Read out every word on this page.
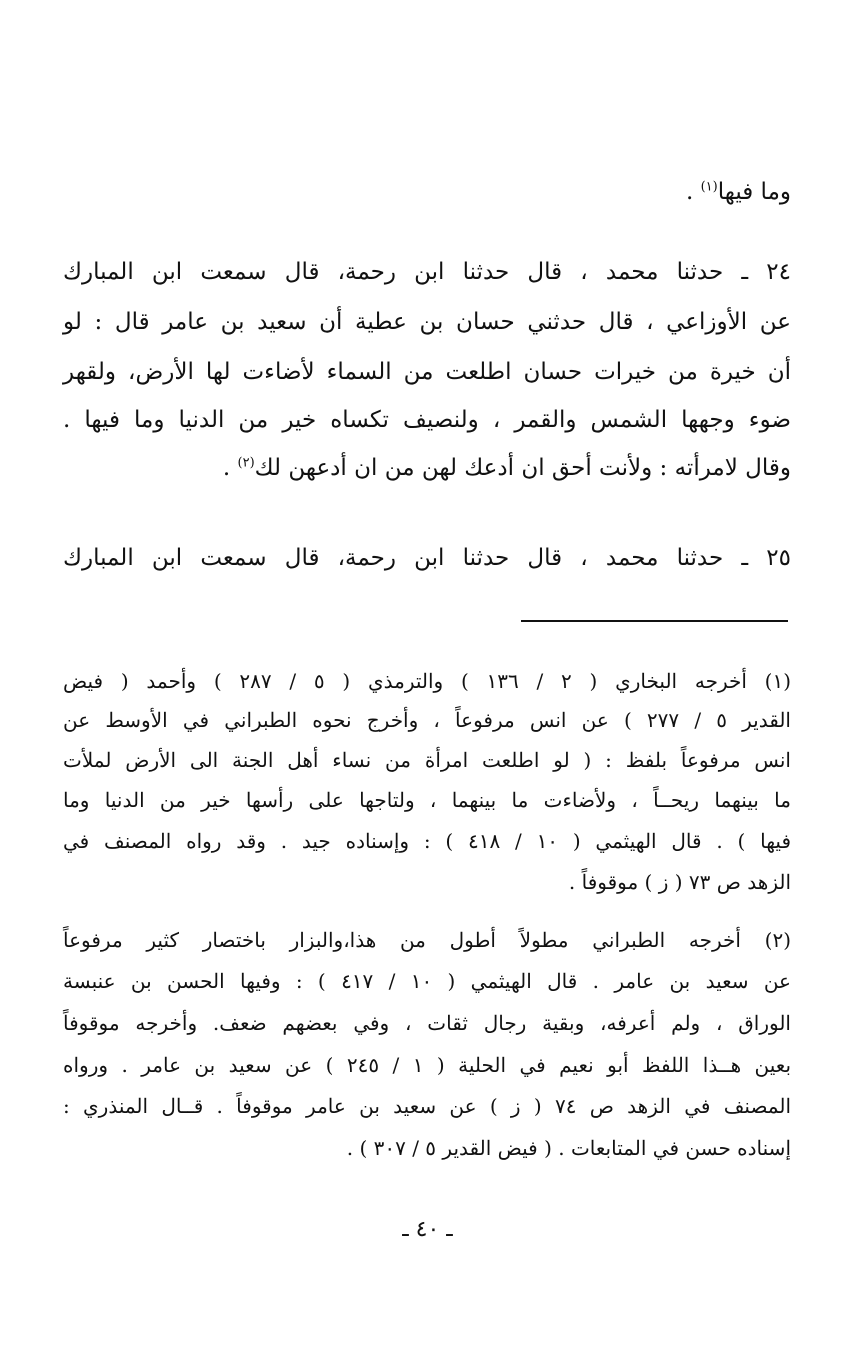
وما فيها$^{(١)}$ .
٢٤ ـ حدثنا محمد ، قال حدثنا ابن رحمة، قال سمعت ابن المبارك
عن الأوزاعي ، قال حدثني حسان بن عطية أن سعيد بن عامر قال : لو
أن خيرة من خيرات حسان اطلعت من السماء لأضاءت لها الأرض، ولقهر
ضوء وجهها الشمس والقمر ، ولنصيف تكساه خير من الدنيا وما فيها .
وقال لامرأته : ولأنت أحق ان أدعك لهن من ان أدعهن لك$^{(٢)}$ .
٢٥ ـ حدثنا محمد ، قال حدثنا ابن رحمة، قال سمعت ابن المبارك
(١) أخرجه البخاري ( ٢ / ١٣٦ ) والترمذي ( ٥ / ٢٨٧ ) وأحمد ( فيض
القدير ٥ / ٢٧٧ ) عن انس مرفوعاً ، وأخرج نحوه الطبراني في الأوسط عن
انس مرفوعاً بلفظ : ( لو اطلعت امرأة من نساء أهل الجنة الى الأرض لملأت
ما بينهما ريحــاً ، ولأضاءت ما بينهما ، ولتاجها على رأسها خير من الدنيا وما
فيها ) . قال الهيثمي ( ١٠ / ٤١٨ ) : وإسناده جيد . وقد رواه المصنف في
الزهد ص ٧٣ ( ز ) موقوفاً .
(٢) أخرجه الطبراني مطولاً أطول من هذا،والبزار باختصار كثير مرفوعاً
عن سعيد بن عامر . قال الهيثمي ( ١٠ / ٤١٧ ) : وفيها الحسن بن عنبسة
الوراق ، ولم أعرفه، وبقية رجال ثقات ، وفي بعضهم ضعف. وأخرجه موقوفاً
بعين هــذا اللفظ أبو نعيم في الحلية ( ١ / ٢٤٥ ) عن سعيد بن عامر . ورواه
المصنف في الزهد ص ٧٤ ( ز ) عن سعيد بن عامر موقوفاً . قــال المنذري :
إسناده حسن في المتابعات . ( فيض القدير ٥ / ٣٠٧ ) .
ـ ٤٠ ـ
